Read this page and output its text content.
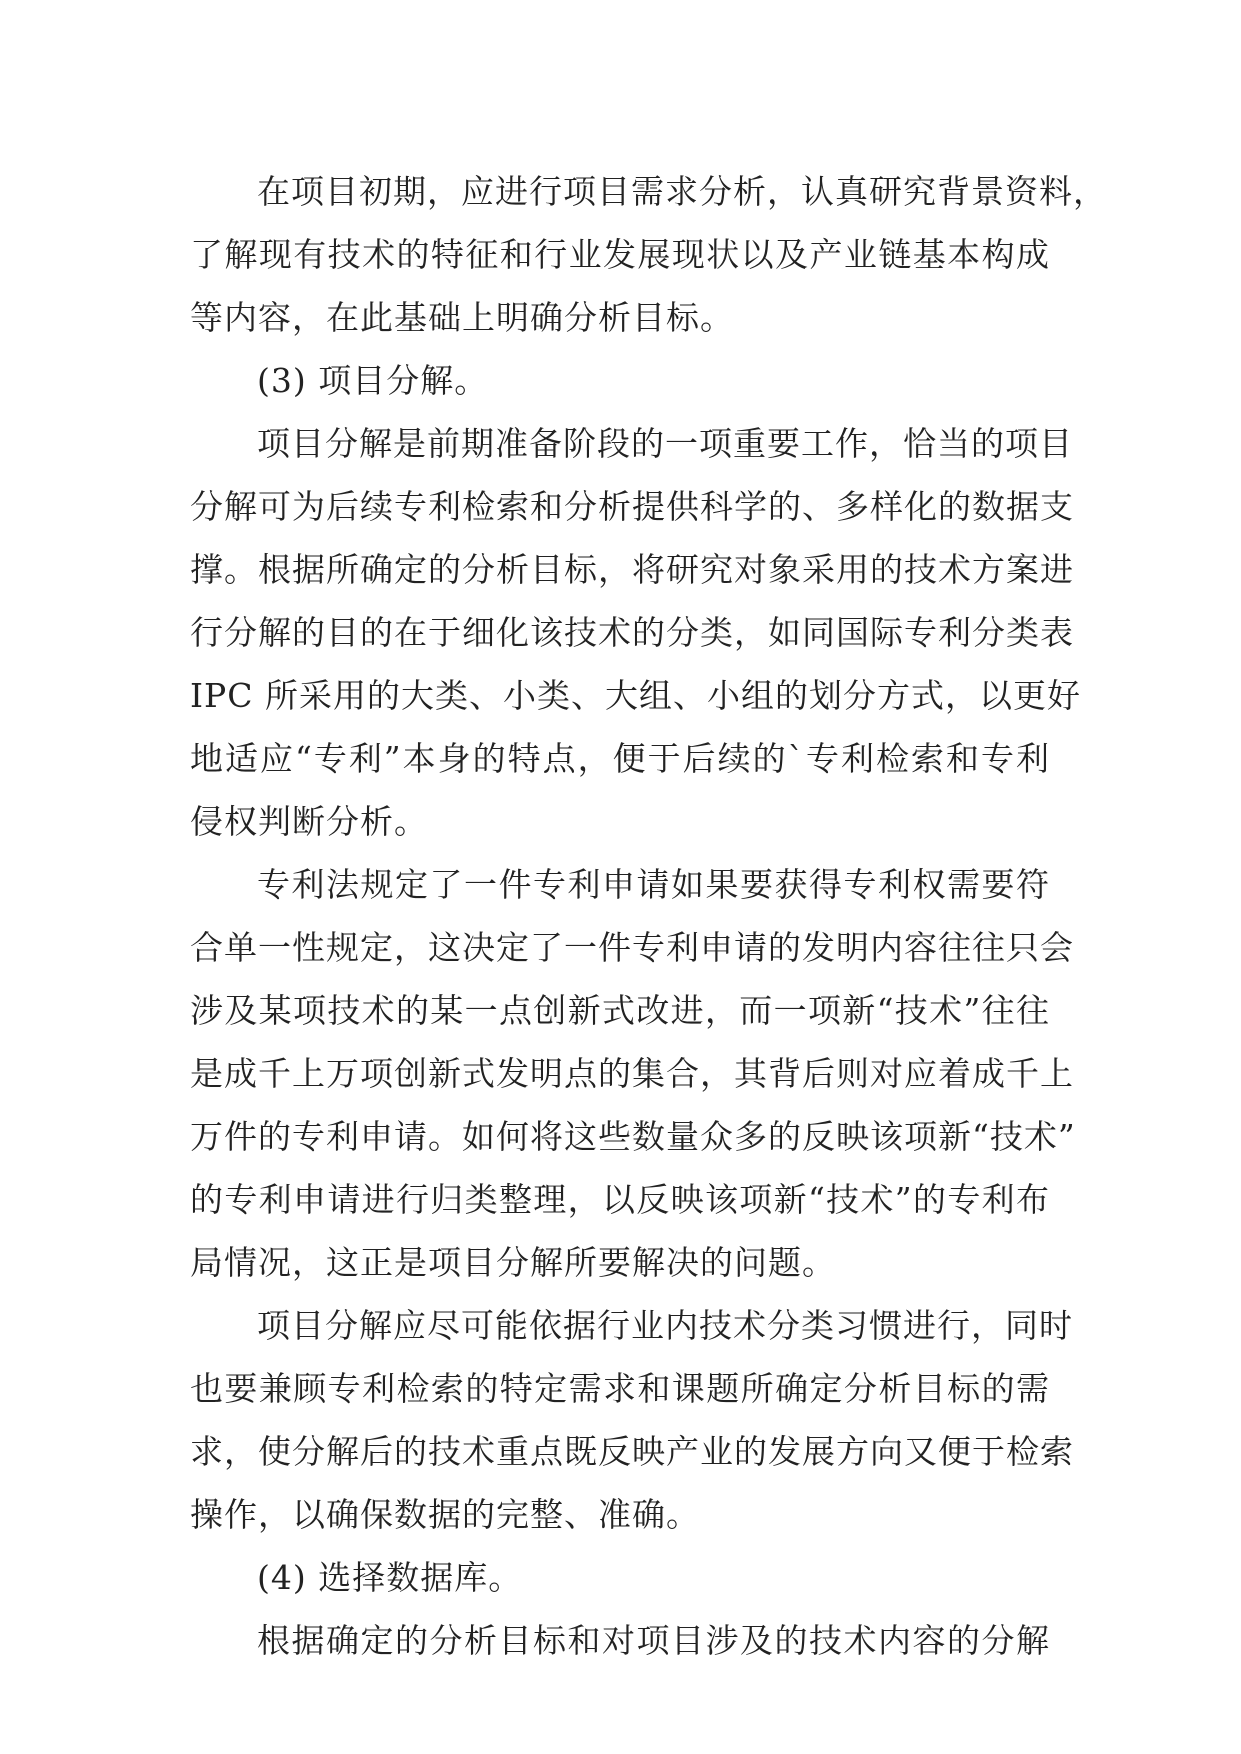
在项目初期，应进行项目需求分析，认真研究背景资料，
了解现有技术的特征和行业发展现状以及产业链基本构成
等内容，在此基础上明确分析目标。
(3) 项目分解。
项目分解是前期准备阶段的一项重要工作，恰当的项目
分解可为后续专利检索和分析提供科学的、多样化的数据支
撑。根据所确定的分析目标，将研究对象采用的技术方案进
行分解的目的在于细化该技术的分类，如同国际专利分类表
IPC 所采用的大类、小类、大组、小组的划分方式，以更好
地适应“专利”本身的特点，便于后续的`专利检索和专利
侵权判断分析。
专利法规定了一件专利申请如果要获得专利权需要符
合单一性规定，这决定了一件专利申请的发明内容往往只会
涉及某项技术的某一点创新式改进，而一项新“技术”往往
是成千上万项创新式发明点的集合，其背后则对应着成千上
万件的专利申请。如何将这些数量众多的反映该项新“技术”
的专利申请进行归类整理，以反映该项新“技术”的专利布
局情况，这正是项目分解所要解决的问题。
项目分解应尽可能依据行业内技术分类习惯进行，同时
也要兼顾专利检索的特定需求和课题所确定分析目标的需
求，使分解后的技术重点既反映产业的发展方向又便于检索
操作，以确保数据的完整、准确。
(4) 选择数据库。
根据确定的分析目标和对项目涉及的技术内容的分解
